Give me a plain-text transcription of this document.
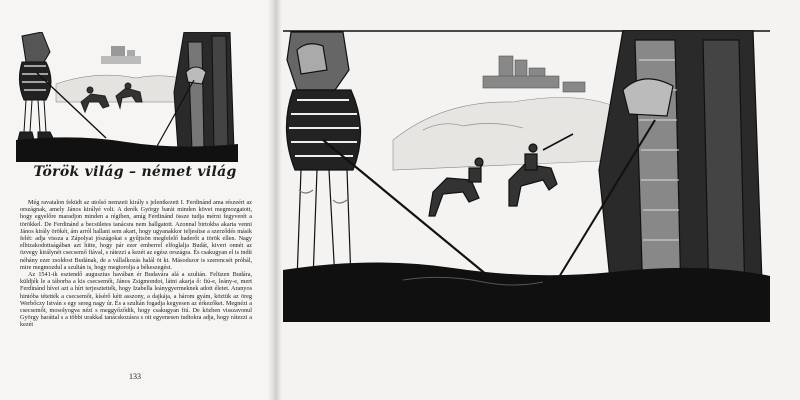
Török világ – német világ

Még ravatalon feküdt az utolsó nemzeti király s jelentkezett I. Ferdinánd ama részeért az országnak, amely János királyé volt. A derék György barát minden követ megmozgatott, hogy egyelőre maradjon minden a régiben, amíg Ferdinánd össze tudja mérni fegyverét a törökkel. De Ferdinánd a becsületes tanácsra nem hallgatott. Azonnal birtokba akarta venni János király örökét, ám arról hallani sem akart, hogy ugyanakkor teljesítse a szerződés másik felét: adja vissza a Zápolyai jószágokat s gyűjtsön megfelelő haderőt a török ellen. Nagy elbizakodottságában azt hitte, hogy pár ezer emberrel elfoglalja Budát, kiveri onnét az özvegy királynét csecsemő fiával, s rátezzi a kezét az egész országra. És csakugyan el is indít néhány ezer zsoldost Budának, de a vállalkozás halál öt kt. Másodszor is szerencsét próbál, mire megmozdul a szultán is, hogy megtorolja a békeszegést.

Az 1541-ik esztendő augusztus havában ér Budavára alá a szultán. Felüzen Budára, küldjék le a táborba a kis csecsemőt, János Zsigmondot, látni akarja ő: fiú-e, leány-e, mert Ferdinánd hívei azt a hírt terjesztették, hogy Izabella leánygyermeknek adott életet. Aranyos hintóba tétették a csecsemőt, kísérő kétt asszony, a dajkája, a három gyám, köztük az öreg Werbőczy István s egy sereg nagy úr. És a szultán fogadja kegyesen az érkezőket. Megnézi a csecsemőt, mosolyogva nézi s meggyőződik, hogy csakugyan fiú. De közben visszavonul György baráttal s a többi urakkal tanácskozásra s ott egyenesen tudtokra adja, hogy rátezzi a kezét

133
S.Gy.
